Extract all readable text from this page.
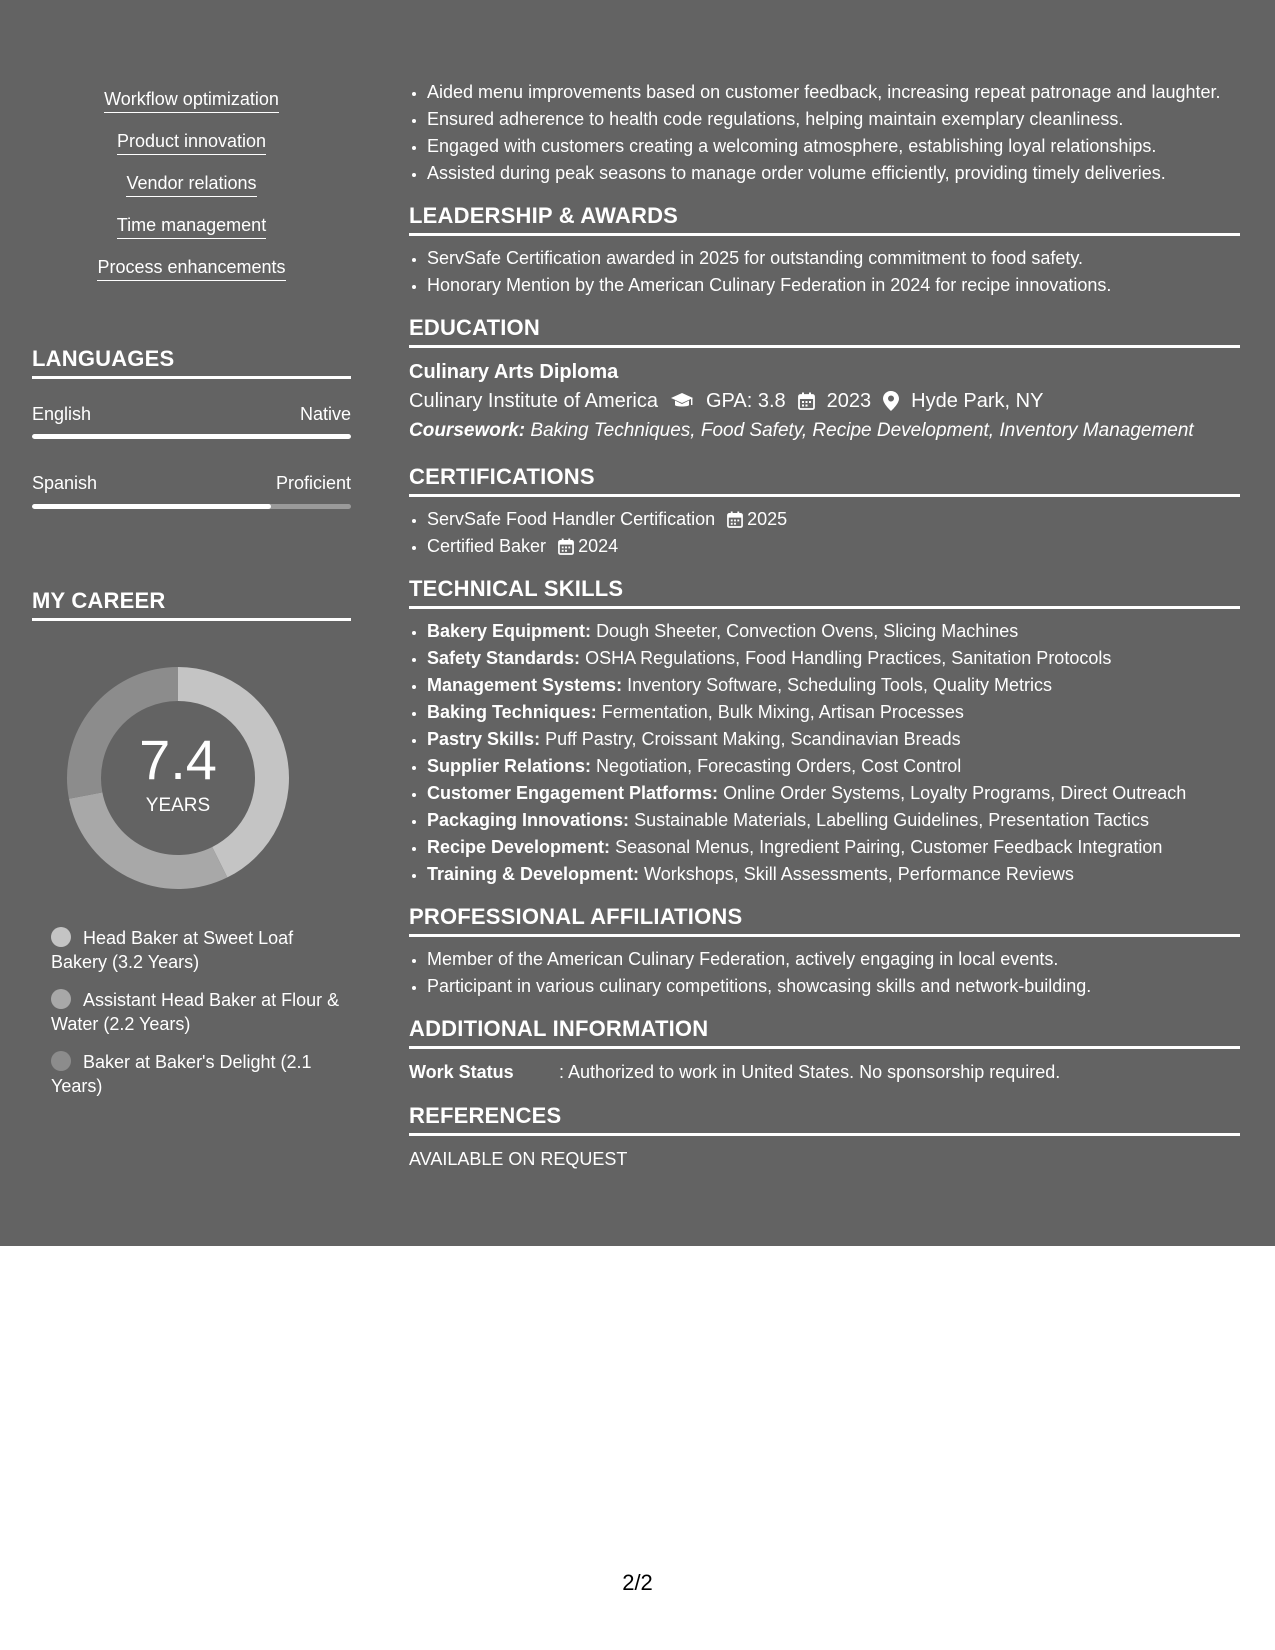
Workflow optimization
Product innovation
Vendor relations
Time management
Process enhancements
LANGUAGES
English	Native
Spanish	Proficient
MY CAREER
7.4
YEARS
Head Baker at Sweet Loaf Bakery (3.2 Years)
Assistant Head Baker at Flour & Water (2.2 Years)
Baker at Baker's Delight (2.1 Years)
• Aided menu improvements based on customer feedback, increasing repeat patronage and laughter.
• Ensured adherence to health code regulations, helping maintain exemplary cleanliness.
• Engaged with customers creating a welcoming atmosphere, establishing loyal relationships.
• Assisted during peak seasons to manage order volume efficiently, providing timely deliveries.
LEADERSHIP & AWARDS
• ServSafe Certification awarded in 2025 for outstanding commitment to food safety.
• Honorary Mention by the American Culinary Federation in 2024 for recipe innovations.
EDUCATION
Culinary Arts Diploma
Culinary Institute of America GPA: 3.8 2023 Hyde Park, NY
Coursework: Baking Techniques, Food Safety, Recipe Development, Inventory Management
CERTIFICATIONS
• ServSafe Food Handler Certification 2025
• Certified Baker 2024
TECHNICAL SKILLS
• Bakery Equipment: Dough Sheeter, Convection Ovens, Slicing Machines
• Safety Standards: OSHA Regulations, Food Handling Practices, Sanitation Protocols
• Management Systems: Inventory Software, Scheduling Tools, Quality Metrics
• Baking Techniques: Fermentation, Bulk Mixing, Artisan Processes
• Pastry Skills: Puff Pastry, Croissant Making, Scandinavian Breads
• Supplier Relations: Negotiation, Forecasting Orders, Cost Control
• Customer Engagement Platforms: Online Order Systems, Loyalty Programs, Direct Outreach
• Packaging Innovations: Sustainable Materials, Labelling Guidelines, Presentation Tactics
• Recipe Development: Seasonal Menus, Ingredient Pairing, Customer Feedback Integration
• Training & Development: Workshops, Skill Assessments, Performance Reviews
PROFESSIONAL AFFILIATIONS
• Member of the American Culinary Federation, actively engaging in local events.
• Participant in various culinary competitions, showcasing skills and network-building.
ADDITIONAL INFORMATION
Work Status	: Authorized to work in United States. No sponsorship required.
REFERENCES
AVAILABLE ON REQUEST
2/2
